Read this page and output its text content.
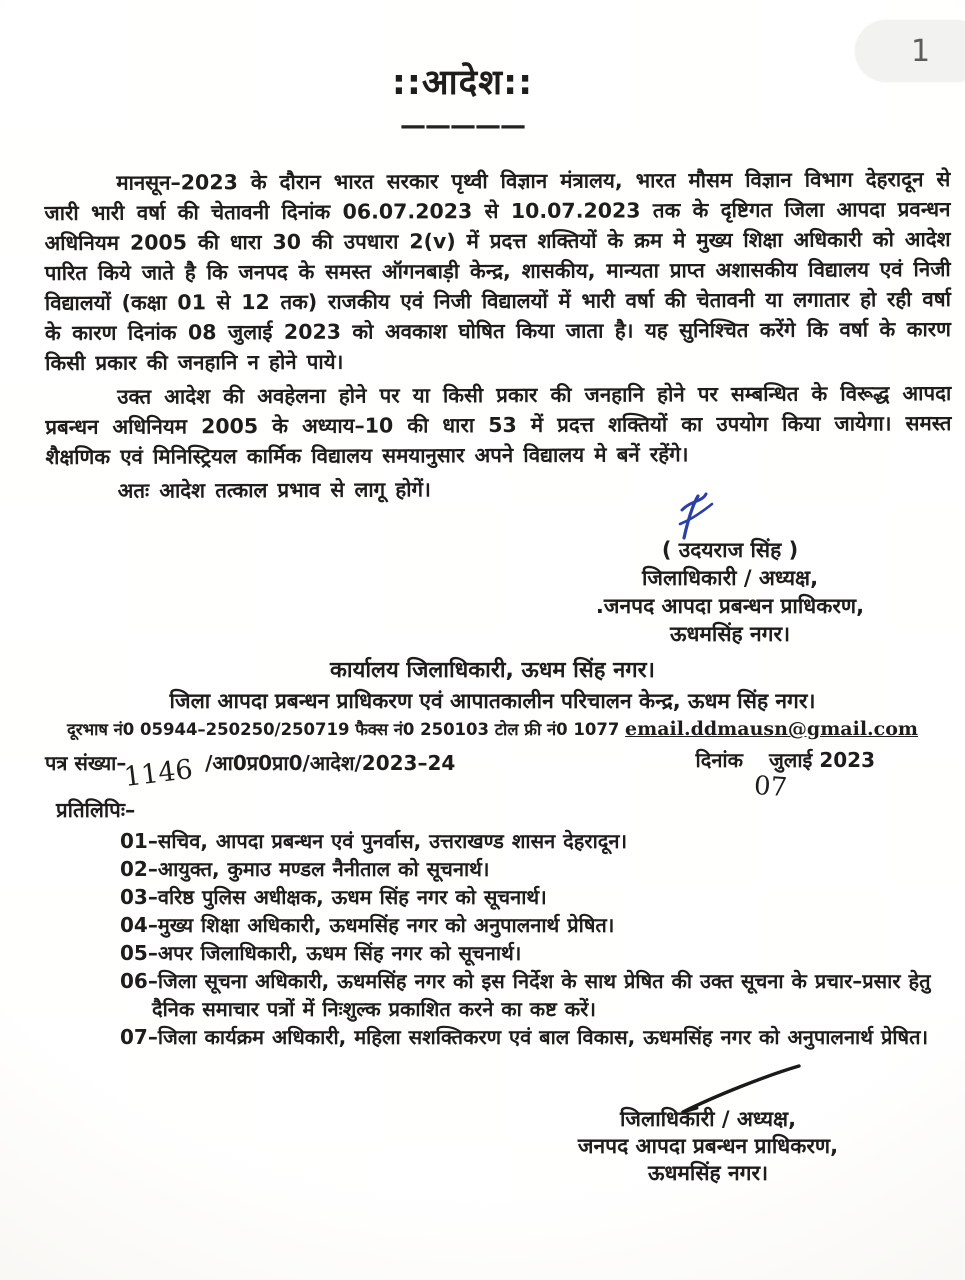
1
::आदेश::
—————

मानसून–2023 के दौरान भारत सरकार पृथ्वी विज्ञान मंत्रालय, भारत मौसम विज्ञान विभाग देहरादून से जारी भारी वर्षा की चेतावनी दिनांक 06.07.2023 से 10.07.2023 तक के दृष्टिगत जिला आपदा प्रवन्धन अधिनियम 2005 की धारा 30 की उपधारा 2(v) में प्रदत्त शक्तियों के क्रम मे मुख्य शिक्षा अधिकारी को आदेश पारित किये जाते है कि जनपद के समस्त ऑगनबाड़ी केन्द्र, शासकीय, मान्यता प्राप्त अशासकीय विद्यालय एवं निजी विद्यालयों (कक्षा 01 से 12 तक) राजकीय एवं निजी विद्यालयों में भारी वर्षा की चेतावनी या लगातार हो रही वर्षा के कारण दिनांक 08 जुलाई 2023 को अवकाश घोषित किया जाता है। यह सुनिश्चित करेंगे कि वर्षा के कारण किसी प्रकार की जनहानि न होने पाये।

उक्त आदेश की अवहेलना होने पर या किसी प्रकार की जनहानि होने पर सम्बन्धित के विरूद्ध आपदा प्रबन्धन अधिनियम 2005 के अध्याय–10 की धारा 53 में प्रदत्त शक्तियों का उपयोग किया जायेगा। समस्त शैक्षणिक एवं मिनिस्ट्रियल कार्मिक विद्यालय समयानुसार अपने विद्यालय मे बनें रहेंगे।

अतः आदेश तत्काल प्रभाव से लागू होगें।

( उदयराज सिंह )
जिलाधिकारी / अध्यक्ष,
.जनपद आपदा प्रबन्धन प्राधिकरण,
ऊधमसिंह नगर।
कार्यालय जिलाधिकारी, ऊधम सिंह नगर।
जिला आपदा प्रबन्धन प्राधिकरण एवं आपातकालीन परिचालन केन्द्र, ऊधम सिंह नगर।
दूरभाष नं0 05944–250250/250719 फैक्स नं0 250103 टोल फ्री नं0 1077 email.ddmausn@gmail.com
पत्र संख्या–1146 /आ0प्र0प्रा0/आदेश/2023–24	दिनांक जुलाई 2023
07
प्रतिलिपिः–
01–सचिव, आपदा प्रबन्धन एवं पुनर्वास, उत्तराखण्ड शासन देहरादून।
02–आयुक्त, कुमाउ मण्डल नैनीताल को सूचनार्थ।
03–वरिष्ठ पुलिस अधीक्षक, ऊधम सिंह नगर को सूचनार्थ।
04–मुख्य शिक्षा अधिकारी, ऊधमसिंह नगर को अनुपालनार्थ प्रेषित।
05–अपर जिलाधिकारी, ऊधम सिंह नगर को सूचनार्थ।
06–जिला सूचना अधिकारी, ऊधमसिंह नगर को इस निर्देश के साथ प्रेषित की उक्त सूचना के प्रचार–प्रसार हेतु दैनिक समाचार पत्रों में निःशुल्क प्रकाशित करने का कष्ट करें।
07–जिला कार्यक्रम अधिकारी, महिला सशक्तिकरण एवं बाल विकास, ऊधमसिंह नगर को अनुपालनार्थ प्रेषित।
जिलाधिकारी / अध्यक्ष,
जनपद आपदा प्रबन्धन प्राधिकरण,
ऊधमसिंह नगर।
